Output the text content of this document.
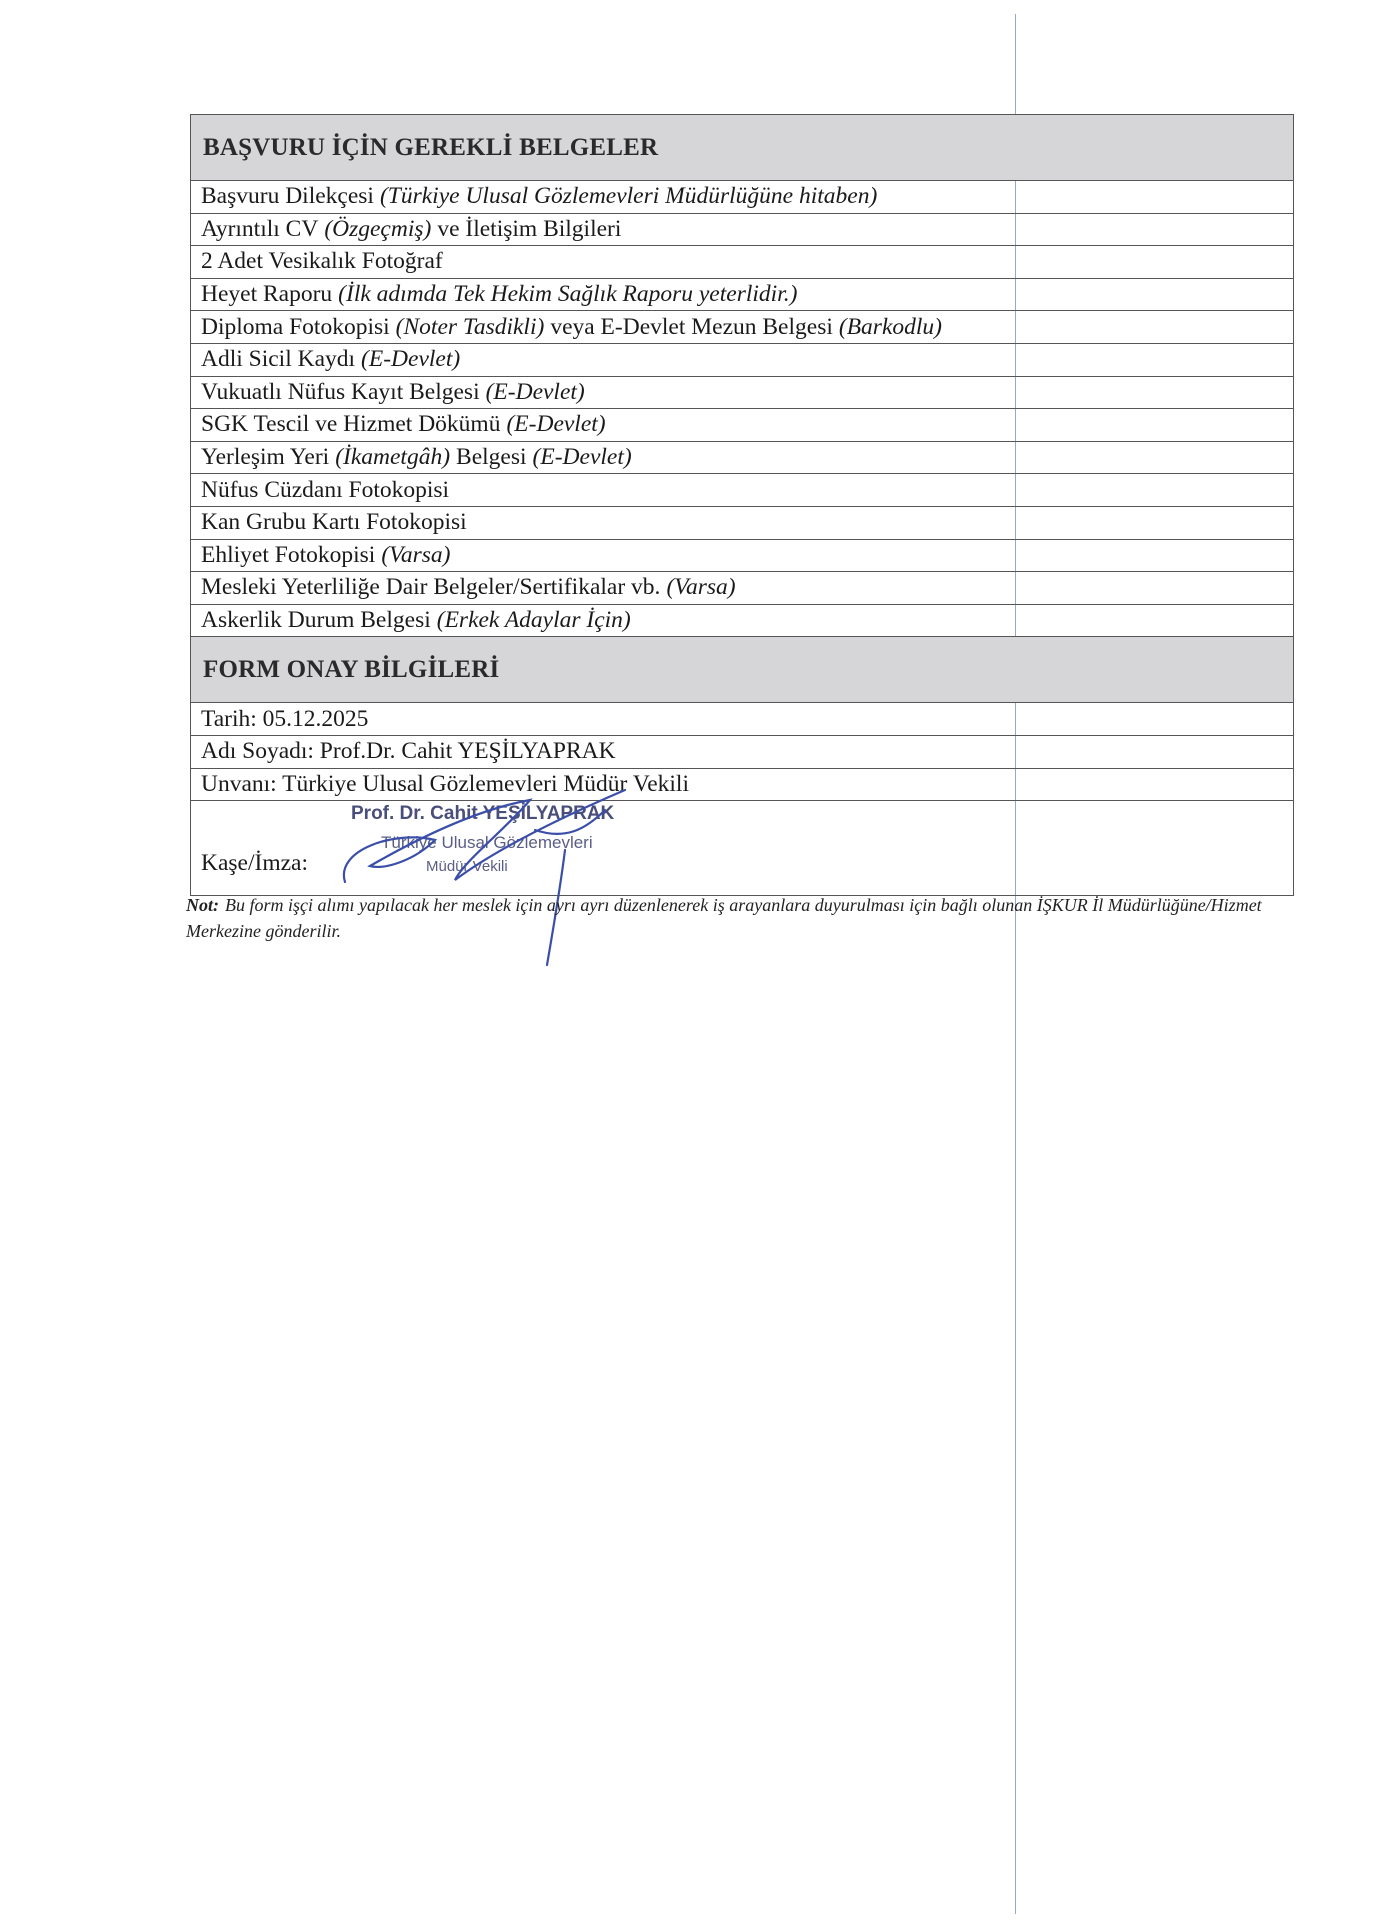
BAŞVURU İÇİN GEREKLİ BELGELER
Başvuru Dilekçesi (Türkiye Ulusal Gözlemevleri Müdürlüğüne hitaben)
Ayrıntılı CV (Özgeçmiş) ve İletişim Bilgileri
2 Adet Vesikalık Fotoğraf
Heyet Raporu (İlk adımda Tek Hekim Sağlık Raporu yeterlidir.)
Diploma Fotokopisi (Noter Tasdikli) veya E-Devlet Mezun Belgesi (Barkodlu)
Adli Sicil Kaydı (E-Devlet)
Vukuatlı Nüfus Kayıt Belgesi (E-Devlet)
SGK Tescil ve Hizmet Dökümü (E-Devlet)
Yerleşim Yeri (İkametgâh) Belgesi (E-Devlet)
Nüfus Cüzdanı Fotokopisi
Kan Grubu Kartı Fotokopisi
Ehliyet Fotokopisi (Varsa)
Mesleki Yeterliliğe Dair Belgeler/Sertifikalar vb. (Varsa)
Askerlik Durum Belgesi (Erkek Adaylar İçin)
FORM ONAY BİLGİLERİ
Tarih: 05.12.2025
Adı Soyadı: Prof.Dr. Cahit YEŞİLYAPRAK
Unvanı: Türkiye Ulusal Gözlemevleri Müdür Vekili
Kaşe/İmza:
Prof. Dr. Cahit YEŞİLYAPRAK
Türkiye Ulusal Gözlemevleri
Müdür Vekili
Not: Bu form işçi alımı yapılacak her meslek için ayrı ayrı düzenlenerek iş arayanlara duyurulması için bağlı olunan İŞKUR İl Müdürlüğüne/Hizmet Merkezine gönderilir.
